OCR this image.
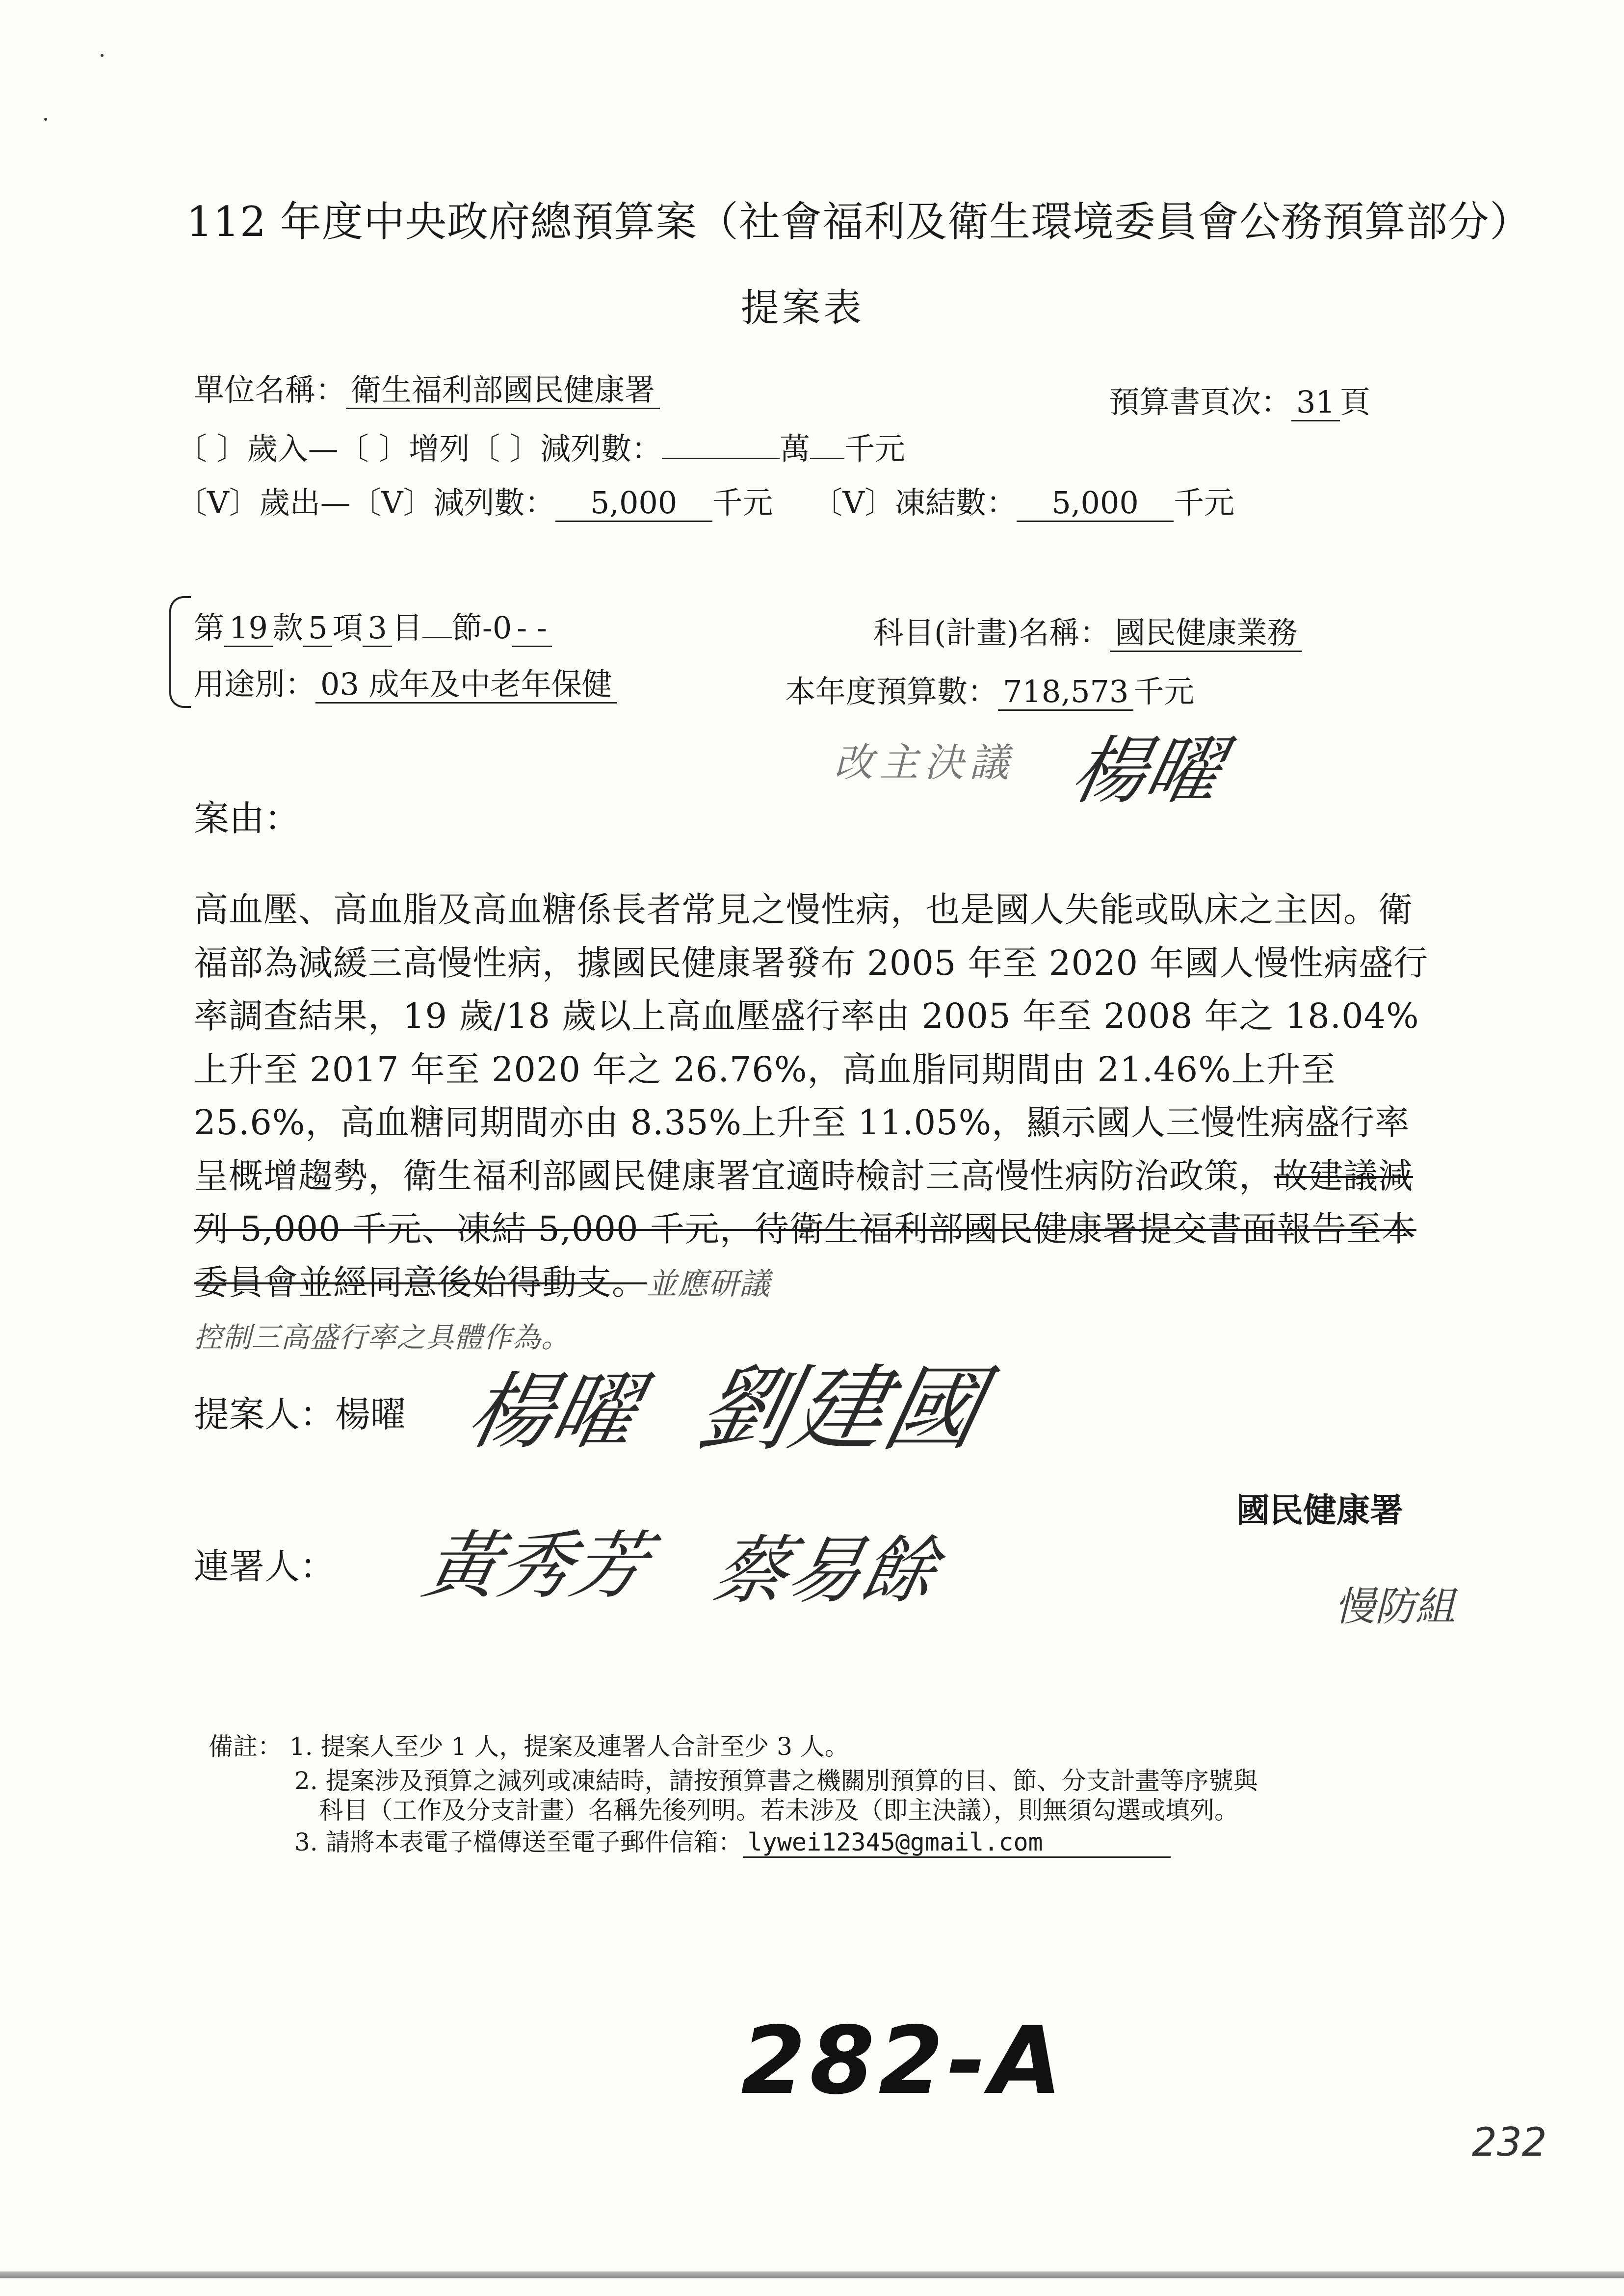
112 年度中央政府總預算案（社會福利及衛生環境委員會公務預算部分）
提案表
單位名稱： 衛生福利部國民健康署	預算書頁次： 31 頁
〔 〕歲入—〔 〕增列〔 〕減列數：	萬 千元
〔V〕歲出—〔V〕減列數： 5,000 千元 〔V〕凍結數： 5,000 千元
第 19 款 5 項 3 目 節-0 - -	科目(計畫)名稱： 國民健康業務
用途別： 03 成年及中老年保健	本年度預算數： 718,573 千元
改主決議 楊曜
案由：
高血壓、高血脂及高血糖係長者常見之慢性病，也是國人失能或臥床之主因。衛福部為減緩三高慢性病，據國民健康署發布 2005 年至 2020 年國人慢性病盛行率調查結果，19 歲/18 歲以上高血壓盛行率由 2005 年至 2008 年之 18.04%上升至 2017 年至 2020 年之 26.76%，高血脂同期間由 21.46%上升至 25.6%，高血糖同期間亦由 8.35%上升至 11.05%，顯示國人三慢性病盛行率呈概增趨勢，衛生福利部國民健康署宜適時檢討三高慢性病防治政策，故建議減列 5,000 千元、凍結 5,000 千元，待衛生福利部國民健康署提交書面報告至本委員會並經同意後始得動支。並應研議
控制三高盛行率之具體作為。
提案人：楊曜 楊曜 劉建國
國民健康署
連署人： 黃秀芳 蔡易餘	慢防組
備註： 1. 提案人至少 1 人，提案及連署人合計至少 3 人。
2. 提案涉及預算之減列或凍結時，請按預算書之機關別預算的目、節、分支計畫等序號與
科目（工作及分支計畫）名稱先後列明。若未涉及（即主決議），則無須勾選或填列。
3. 請將本表電子檔傳送至電子郵件信箱： lywei12345@gmail.com
282-A
232
